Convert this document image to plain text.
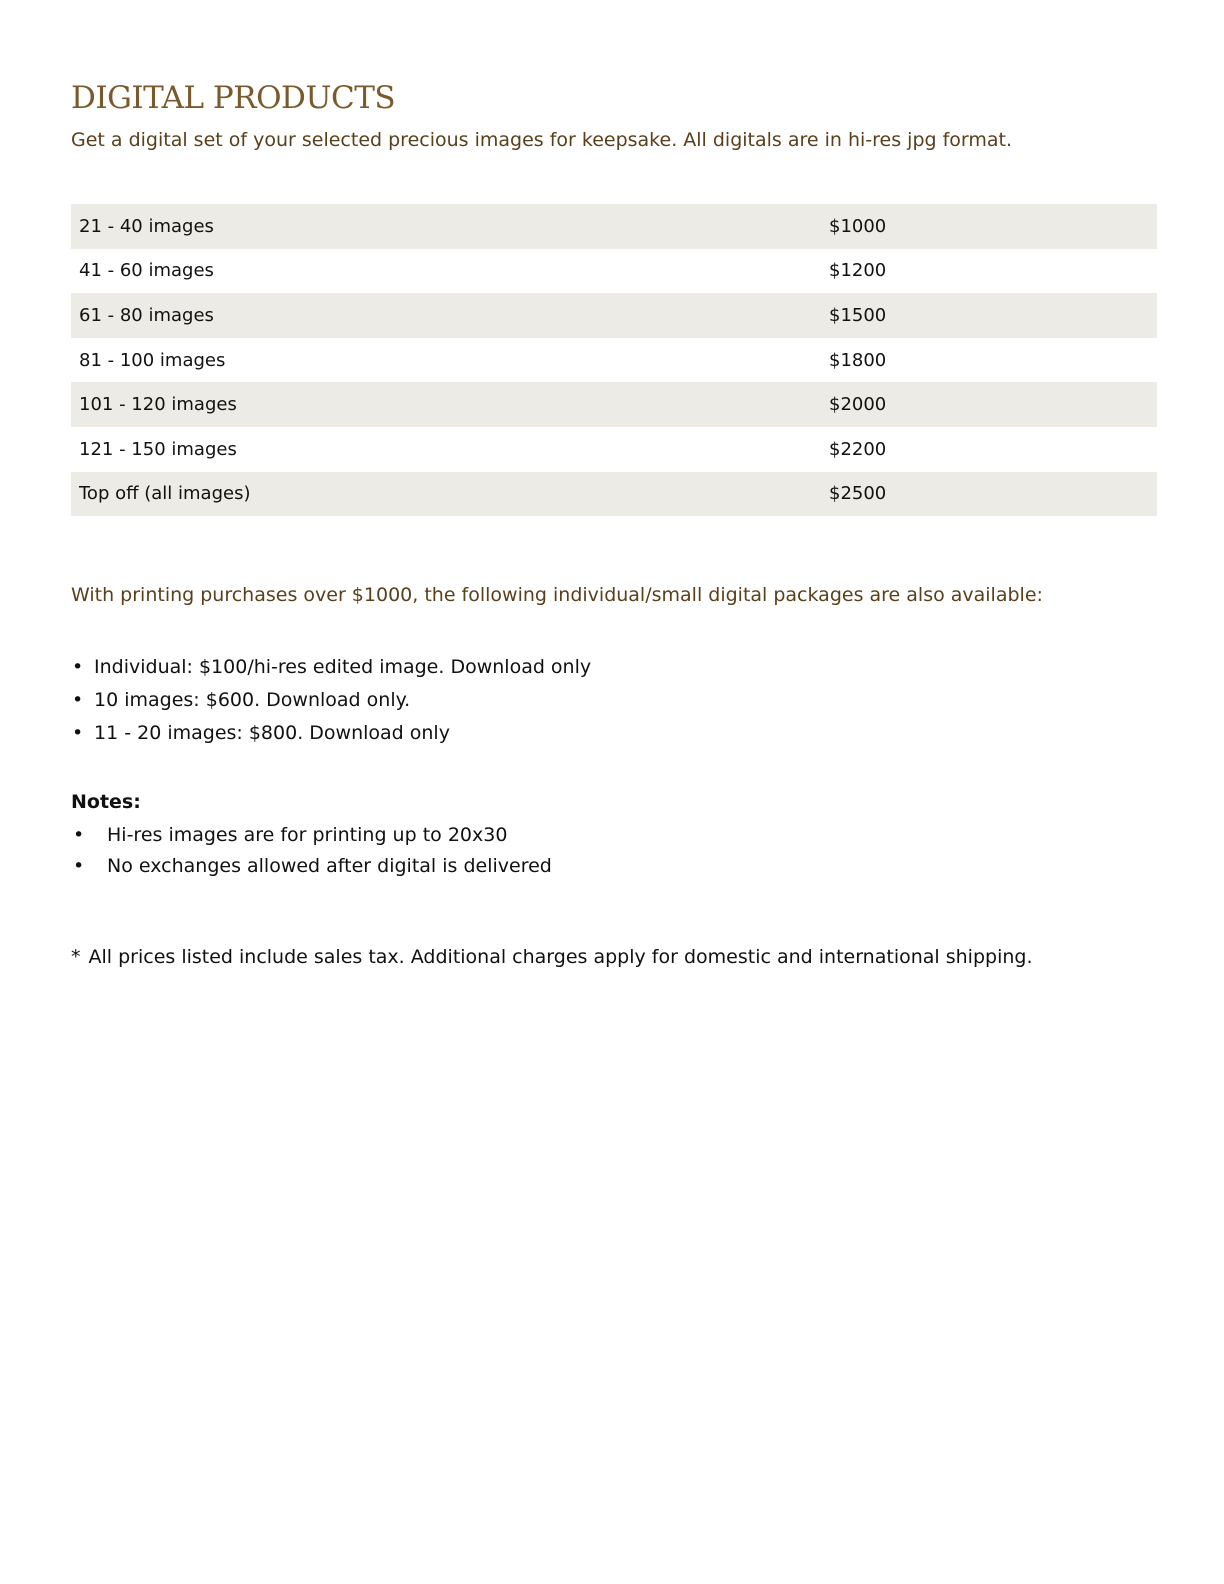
DIGITAL PRODUCTS

Get a digital set of your selected precious images for keepsake. All digitals are in hi-res jpg format.

21 - 40 images	$1000
41 - 60 images	$1200
61 - 80 images	$1500
81 - 100 images	$1800
101 - 120 images	$2000
121 - 150 images	$2200
Top off (all images)	$2500

With printing purchases over $1000, the following individual/small digital packages are also available:

• Individual: $100/hi-res edited image. Download only
• 10 images: $600. Download only.
• 11 - 20 images: $800. Download only

Notes:

• Hi-res images are for printing up to 20x30
• No exchanges allowed after digital is delivered

* All prices listed include sales tax. Additional charges apply for domestic and international shipping.
